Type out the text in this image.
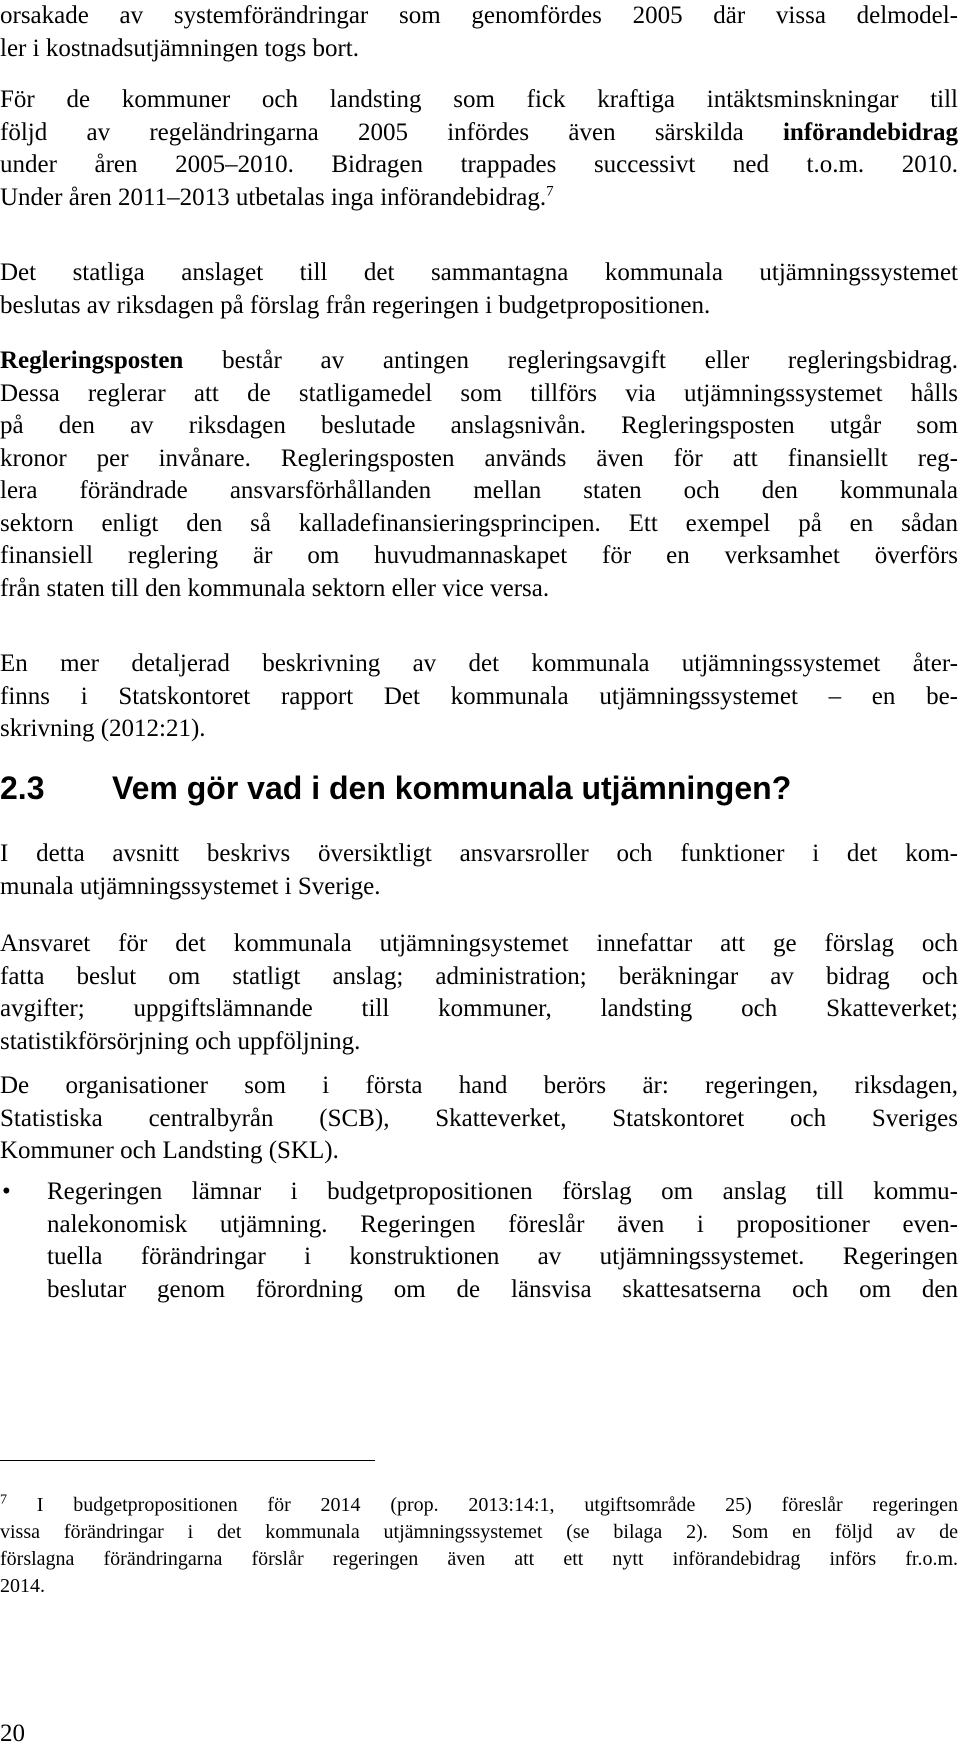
orsakade av systemförändringar som genomfördes 2005 där vissa delmodel-
ler i kostnadsutjämningen togs bort.

För de kommuner och landsting som fick kraftiga intäktsminskningar till
följd av regeländringarna 2005 infördes även särskilda införandebidrag
under åren 2005–2010. Bidragen trappades successivt ned t.o.m. 2010.
Under åren 2011–2013 utbetalas inga införandebidrag.$^7$

Det statliga anslaget till det sammantagna kommunala utjämningssystemet
beslutas av riksdagen på förslag från regeringen i budgetpropositionen.

Regleringsposten består av antingen regleringsavgift eller regleringsbidrag.
Dessa reglerar att de statligamedel som tillförs via utjämningssystemet hålls
på den av riksdagen beslutade anslagsnivån. Regleringsposten utgår som
kronor per invånare. Regleringsposten används även för att finansiellt reg-
lera förändrade ansvarsförhållanden mellan staten och den kommunala
sektorn enligt den så kalladefinansieringsprincipen. Ett exempel på en sådan
finansiell reglering är om huvudmannaskapet för en verksamhet överförs
från staten till den kommunala sektorn eller vice versa.

En mer detaljerad beskrivning av det kommunala utjämningssystemet åter-
finns i Statskontoret rapport Det kommunala utjämningssystemet – en be-
skrivning (2012:21).

2.3 Vem gör vad i den kommunala utjämningen?

I detta avsnitt beskrivs översiktligt ansvarsroller och funktioner i det kom-
munala utjämningssystemet i Sverige.

Ansvaret för det kommunala utjämningsystemet innefattar att ge förslag och
fatta beslut om statligt anslag; administration; beräkningar av bidrag och
avgifter; uppgiftslämnande till kommuner, landsting och Skatteverket;
statistikförsörjning och uppföljning.

De organisationer som i första hand berörs är: regeringen, riksdagen,
Statistiska centralbyrån (SCB), Skatteverket, Statskontoret och Sveriges
Kommuner och Landsting (SKL).

• Regeringen lämnar i budgetpropositionen förslag om anslag till kommu-
nalekonomisk utjämning. Regeringen föreslår även i propositioner even-
tuella förändringar i konstruktionen av utjämningssystemet. Regeringen
beslutar genom förordning om de länsvisa skattesatserna och om den

$^7$ I budgetpropositionen för 2014 (prop. 2013:14:1, utgiftsområde 25) föreslår regeringen
vissa förändringar i det kommunala utjämningssystemet (se bilaga 2). Som en följd av de
förslagna förändringarna förslår regeringen även att ett nytt införandebidrag införs fr.o.m.
2014.

20
